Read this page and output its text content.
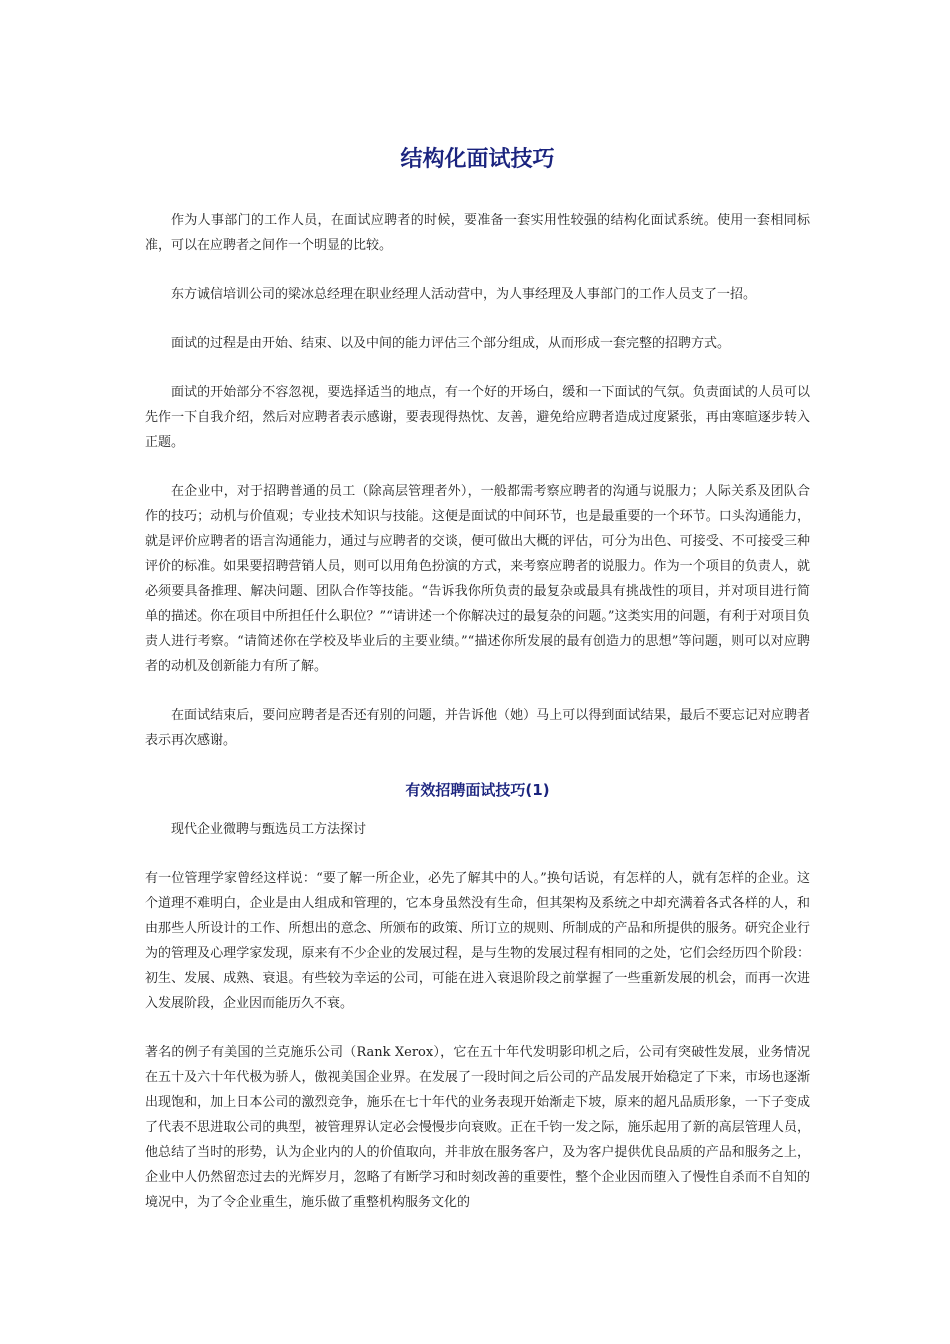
结构化面试技巧

作为人事部门的工作人员，在面试应聘者的时候，要准备一套实用性较强的结构化面试系统。使用一套相同标准，可以在应聘者之间作一个明显的比较。

东方诚信培训公司的梁冰总经理在职业经理人活动营中，为人事经理及人事部门的工作人员支了一招。

面试的过程是由开始、结束、以及中间的能力评估三个部分组成，从而形成一套完整的招聘方式。

面试的开始部分不容忽视，要选择适当的地点，有一个好的开场白，缓和一下面试的气氛。负责面试的人员可以先作一下自我介绍，然后对应聘者表示感谢，要表现得热忱、友善，避免给应聘者造成过度紧张，再由寒暄逐步转入正题。

在企业中，对于招聘普通的员工（除高层管理者外），一般都需考察应聘者的沟通与说服力；人际关系及团队合作的技巧；动机与价值观；专业技术知识与技能。这便是面试的中间环节，也是最重要的一个环节。口头沟通能力，就是评价应聘者的语言沟通能力，通过与应聘者的交谈，便可做出大概的评估，可分为出色、可接受、不可接受三种评价的标准。如果要招聘营销人员，则可以用角色扮演的方式，来考察应聘者的说服力。作为一个项目的负责人，就必须要具备推理、解决问题、团队合作等技能。“告诉我你所负责的最复杂或最具有挑战性的项目，并对项目进行简单的描述。你在项目中所担任什么职位？”“请讲述一个你解决过的最复杂的问题。”这类实用的问题，有利于对项目负责人进行考察。“请简述你在学校及毕业后的主要业绩。”“描述你所发展的最有创造力的思想”等问题，则可以对应聘者的动机及创新能力有所了解。

在面试结束后，要问应聘者是否还有别的问题，并告诉他（她）马上可以得到面试结果，最后不要忘记对应聘者表示再次感谢。

有效招聘面试技巧(1)

现代企业微聘与甄选员工方法探讨

有一位管理学家曾经这样说：“要了解一所企业，必先了解其中的人。”换句话说，有怎样的人，就有怎样的企业。这个道理不难明白，企业是由人组成和管理的，它本身虽然没有生命，但其架构及系统之中却充满着各式各样的人，和由那些人所设计的工作、所想出的意念、所颁布的政策、所订立的规则、所制成的产品和所提供的服务。研究企业行为的管理及心理学家发现，原来有不少企业的发展过程，是与生物的发展过程有相同的之处，它们会经历四个阶段：初生、发展、成熟、衰退。有些较为幸运的公司，可能在进入衰退阶段之前掌握了一些重新发展的机会，而再一次进入发展阶段，企业因而能历久不衰。

著名的例子有美国的兰克施乐公司（Rank Xerox），它在五十年代发明影印机之后，公司有突破性发展，业务情况在五十及六十年代极为骄人，傲视美国企业界。在发展了一段时间之后公司的产品发展开始稳定了下来，市场也逐渐出现饱和，加上日本公司的激烈竞争，施乐在七十年代的业务表现开始渐走下坡，原来的超凡品质形象，一下子变成了代表不思进取公司的典型，被管理界认定必会慢慢步向衰败。正在千钧一发之际，施乐起用了新的高层管理人员，他总结了当时的形势，认为企业内的人的价值取向，并非放在服务客户，及为客户提供优良品质的产品和服务之上，企业中人仍然留恋过去的光辉岁月，忽略了有断学习和时刻改善的重要性，整个企业因而堕入了慢性自杀而不自知的境况中，为了令企业重生，施乐做了重整机构服务文化的
